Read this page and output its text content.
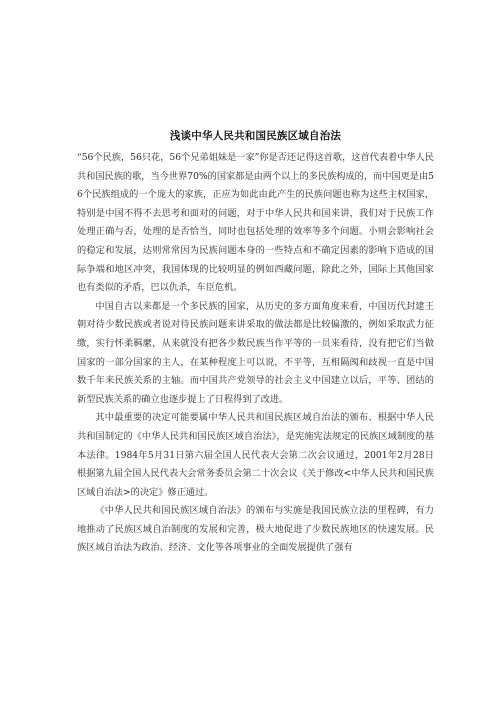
浅谈中华人民共和国民族区域自治法

“56个民族，56只花，56个兄弟姐妹是一家”你是否还记得这首歌，这首代表着中华人民共和国民族的歌，当今世界70%的国家都是由两个以上的多民族构成的，而中国更是由56个民族组成的一个庞大的家族，正应为如此由此产生的民族问题也称为这些主权国家，特别是中国不得不去思考和面对的问题，对于中华人民共和国来讲，我们对于民族工作处理正确与否，处理的是否恰当，同时也包括处理的效率等多个问题。小则会影响社会的稳定和发展，达则常常因为民族问题本身的一些特点和不确定因素的影响下造成的国际争端和地区冲突，我国体现的比较明显的例如西藏问题，除此之外，国际上其他国家也有类似的矛盾，巴以仇杀，车臣危机。

中国自古以来都是一个多民族的国家，从历史的多方面角度来看，中国历代封建王朝对待少数民族或者说对待民族问题来讲采取的做法都是比较偏激的，例如采取武力征缴，实行怀柔羁縻，从来就没有把各少数民族当作平等的一员来看待，没有把它们当做国家的一部分国家的主人，在某种程度上可以说，不平等，互相隔阂和歧视一直是中国数千年来民族关系的主轴。而中国共产党领导的社会主义中国建立以后，平等、团结的新型民族关系的确立也逐步提上了日程得到了改进。

其中最重要的决定可能要属中华人民共和国民族区域自治法的颁布、根据中华人民共和国制定的《中华人民共和国民族区域自治法》，是宪施宪法规定的民族区域制度的基本法律。1984年5月31日第六届全国人民代表大会第二次会议通过，2001年2月28日根据第九届全国人民代表大会常务委员会第二十次会议《关于修改<中华人民共和国民族区域自治法>的决定》修正通过。

《中华人民共和国民族区域自治法》的颁布与实施是我国民族立法的里程碑，有力地推动了民族区域自治制度的发展和完善，极大地促进了少数民族地区的快速发展。民族区域自治法为政治、经济、文化等各项事业的全面发展提供了强有
